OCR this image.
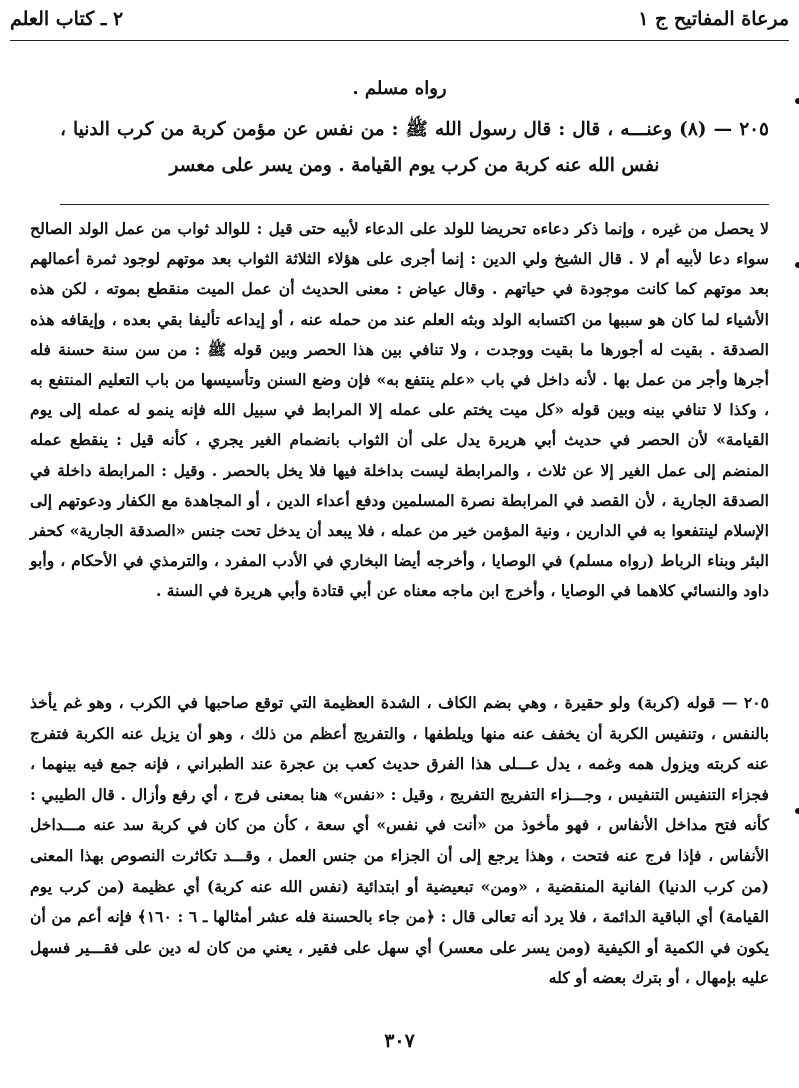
مرعاة المفاتيح ج ١
٢ ـ كتاب العلم
رواه مسلم .
٢٠٥ — (٨) وعنـــه ، قال : قال رسول الله ﷺ : من نفس عن مؤمن كربة من كرب الدنيا ، نفس الله عنه كربة من كرب يوم القيامة . ومن يسر على معسر

لا يحصل من غيره ، وإنما ذكر دعاءه تحريضا للولد على الدعاء لأبيه حتى قيل : للوالد ثواب من عمل الولد الصالح سواء دعا لأبيه أم لا . قال الشيخ ولي الدين : إنما أجرى على هؤلاء الثلاثة الثواب بعد موتهم لوجود ثمرة أعمالهم بعد موتهم كما كانت موجودة في حياتهم . وقال عياض : معنى الحديث أن عمل الميت منقطع بموته ، لكن هذه الأشياء لما كان هو سببها من اكتسابه الولد وبثه العلم عند من حمله عنه ، أو إيداعه تأليفا بقي بعده ، وإيقافه هذه الصدقة . بقيت له أجورها ما بقيت ووجدت ، ولا تنافي بين هذا الحصر وبين قوله ﷺ : من سن سنة حسنة فله أجرها وأجر من عمل بها . لأنه داخل في باب «علم ينتفع به» فإن وضع السنن وتأسيسها من باب التعليم المنتفع به ، وكذا لا تنافي بينه وبين قوله «كل ميت يختم على عمله إلا المرابط في سبيل الله فإنه ينمو له عمله إلى يوم القيامة» لأن الحصر في حديث أبي هريرة يدل على أن الثواب بانضمام الغير يجري ، كأنه قيل : ينقطع عمله المنضم إلى عمل الغير إلا عن ثلاث ، والمرابطة ليست بداخلة فيها فلا يخل بالحصر . وقيل : المرابطة داخلة في الصدقة الجارية ، لأن القصد في المرابطة نصرة المسلمين ودفع أعداء الدين ، أو المجاهدة مع الكفار ودعوتهم إلى الإسلام لينتفعوا به في الدارين ، ونية المؤمن خير من عمله ، فلا يبعد أن يدخل تحت جنس «الصدقة الجارية» كحفر البئر وبناء الرباط (رواه مسلم) في الوصايا ، وأخرجه أيضا البخاري في الأدب المفرد ، والترمذي في الأحكام ، وأبو داود والنسائي كلاهما في الوصايا ، وأخرج ابن ماجه معناه عن أبي قتادة وأبي هريرة في السنة .

٢٠٥ — قوله (كربة) ولو حقيرة ، وهي بضم الكاف ، الشدة العظيمة التي توقع صاحبها في الكرب ، وهو غم يأخذ بالنفس ، وتنفيس الكربة أن يخفف عنه منها ويلطفها ، والتفريج أعظم من ذلك ، وهو أن يزيل عنه الكربة فتفرج عنه كربته ويزول همه وغمه ، يدل عـــلى هذا الفرق حديث كعب بن عجرة عند الطبراني ، فإنه جمع فيه بينهما ، فجزاء التنفيس التنفيس ، وجـــزاء التفريج التفريج ، وقيل : «نفس» هنا بمعنى فرج ، أي رفع وأزال . قال الطيبي : كأنه فتح مداخل الأنفاس ، فهو مأخوذ من «أنت في نفس» أي سعة ، كأن من كان في كربة سد عنه مـــداخل الأنفاس ، فإذا فرج عنه فتحت ، وهذا يرجع إلى أن الجزاء من جنس العمل ، وقـــد تكاثرت النصوص بهذا المعنى (من كرب الدنيا) الفانية المنقضية ، «ومن» تبعيضية أو ابتدائية (نفس الله عنه كربة) أي عظيمة (من كرب يوم القيامة) أي الباقية الدائمة ، فلا يرد أنه تعالى قال : ﴿من جاء بالحسنة فله عشر أمثالها ـ ٦ : ١٦٠﴾ فإنه أعم من أن يكون في الكمية أو الكيفية (ومن يسر على معسر) أي سهل على فقير ، يعني من كان له دين على فقـــير فسهل عليه بإمهال ، أو بترك بعضه أو كله

٣٠٧
